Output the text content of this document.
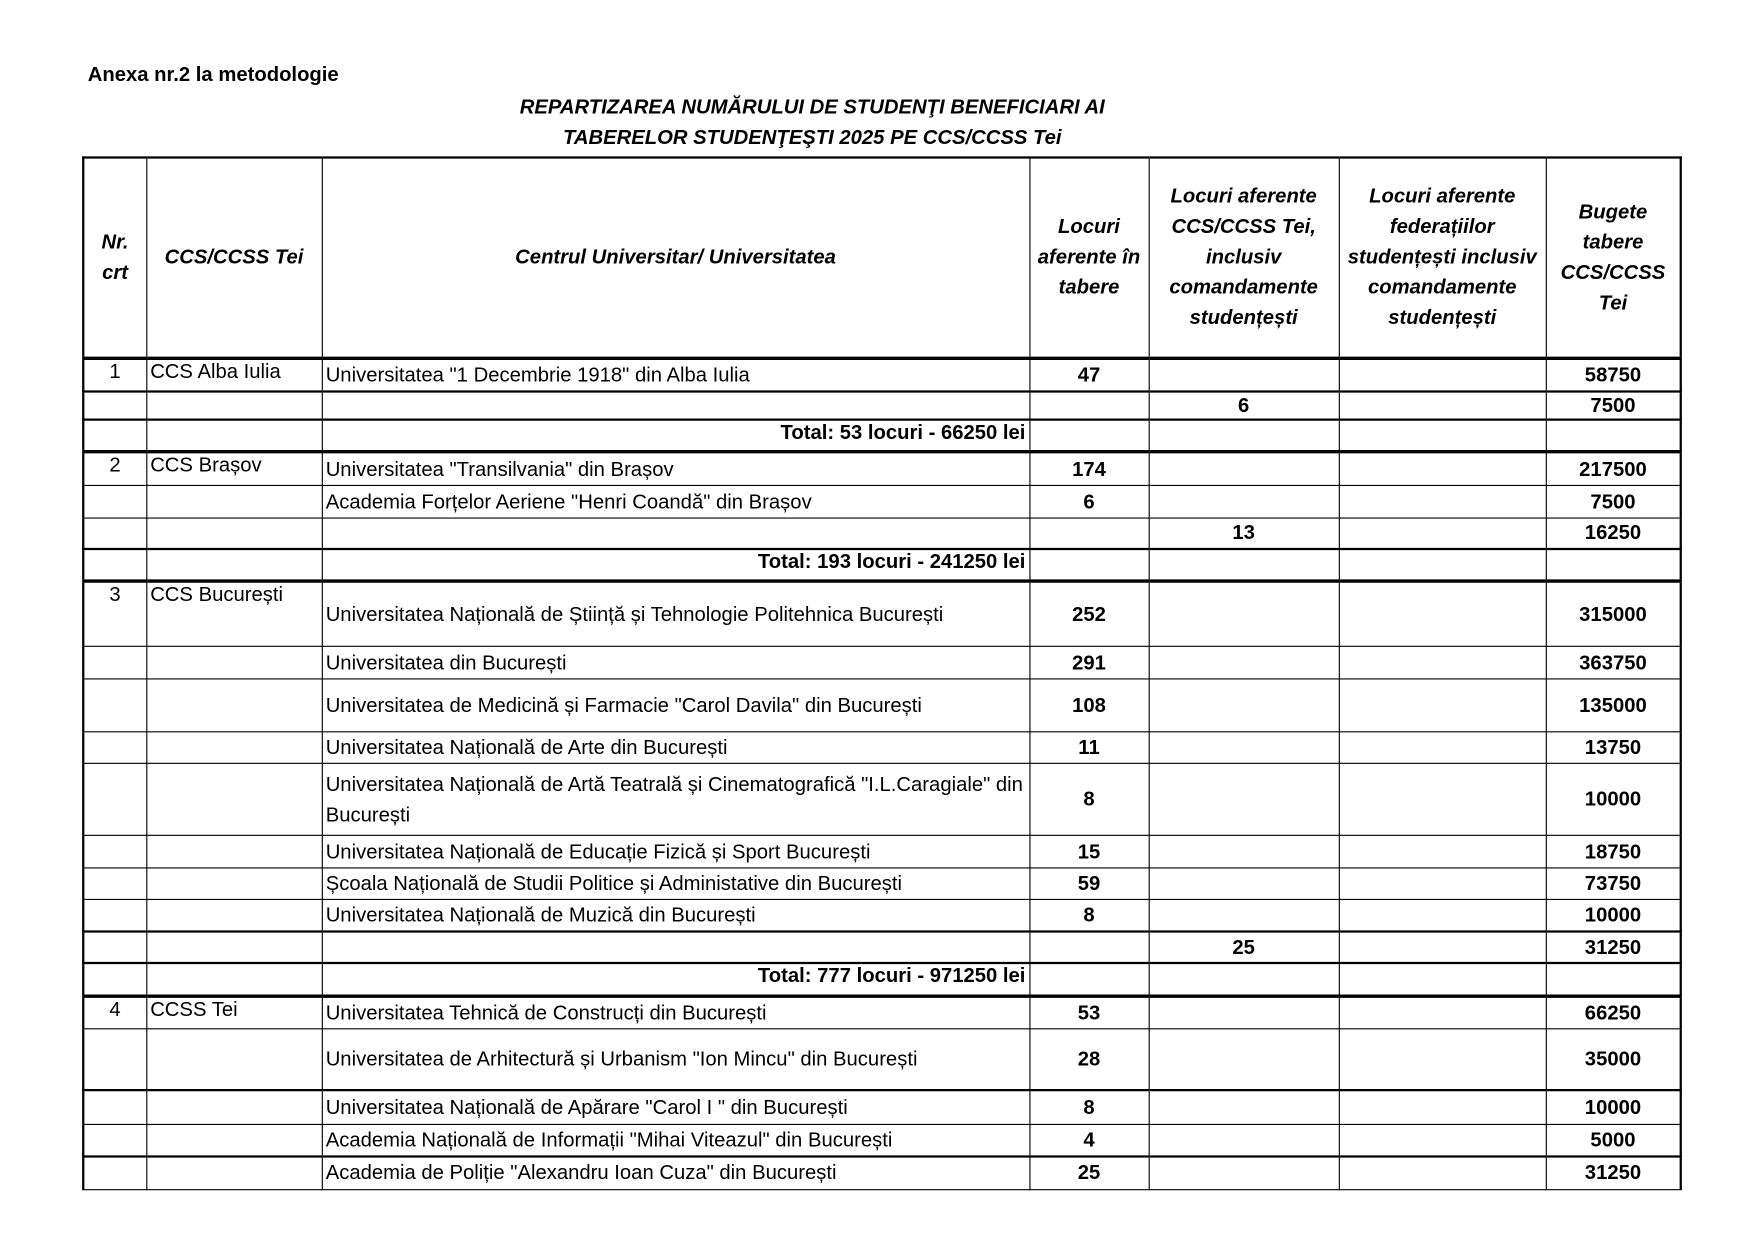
Anexa nr.2 la metodologie
REPARTIZAREA NUMĂRULUI DE STUDENŢI BENEFICIARI AI
TABERELOR STUDENŢEŞTI 2025 PE CCS/CCSS Tei
Nr. crt	CCS/CCSS Tei	Centrul Universitar/ Universitatea	Locuri aferente în tabere	Locuri aferente CCS/CCSS Tei, inclusiv comandamente studențești	Locuri aferente federațiilor studențești inclusiv comandamente studențești	Bugete tabere CCS/CCSS Tei
1	CCS Alba Iulia	Universitatea "1 Decembrie 1918" din Alba Iulia	47			58750
				6		7500
		Total: 53 locuri - 66250 lei				
2	CCS Brașov	Universitatea "Transilvania" din Brașov	174			217500
		Academia Forțelor Aeriene "Henri Coandă" din Brașov	6			7500
				13		16250
		Total: 193 locuri - 241250 lei				
3	CCS București	Universitatea Națională de Știință și Tehnologie Politehnica București	252			315000
		Universitatea din București	291			363750
		Universitatea de Medicină și Farmacie "Carol Davila" din București	108			135000
		Universitatea Națională de Arte din București	11			13750
		Universitatea Națională de Artă Teatrală și Cinematografică "I.L.Caragiale" din București	8			10000
		Universitatea Națională de Educație Fizică și Sport București	15			18750
		Școala Națională de Studii Politice și Administative din București	59			73750
		Universitatea Națională de Muzică din București	8			10000
				25		31250
		Total: 777 locuri - 971250 lei				
4	CCSS Tei	Universitatea Tehnică de Construcți din București	53			66250
		Universitatea de Arhitectură și Urbanism "Ion Mincu" din București	28			35000
		Universitatea Națională de Apărare "Carol I " din București	8			10000
		Academia Națională de Informații "Mihai Viteazul" din București	4			5000
		Academia de Poliție "Alexandru Ioan Cuza" din București	25			31250
